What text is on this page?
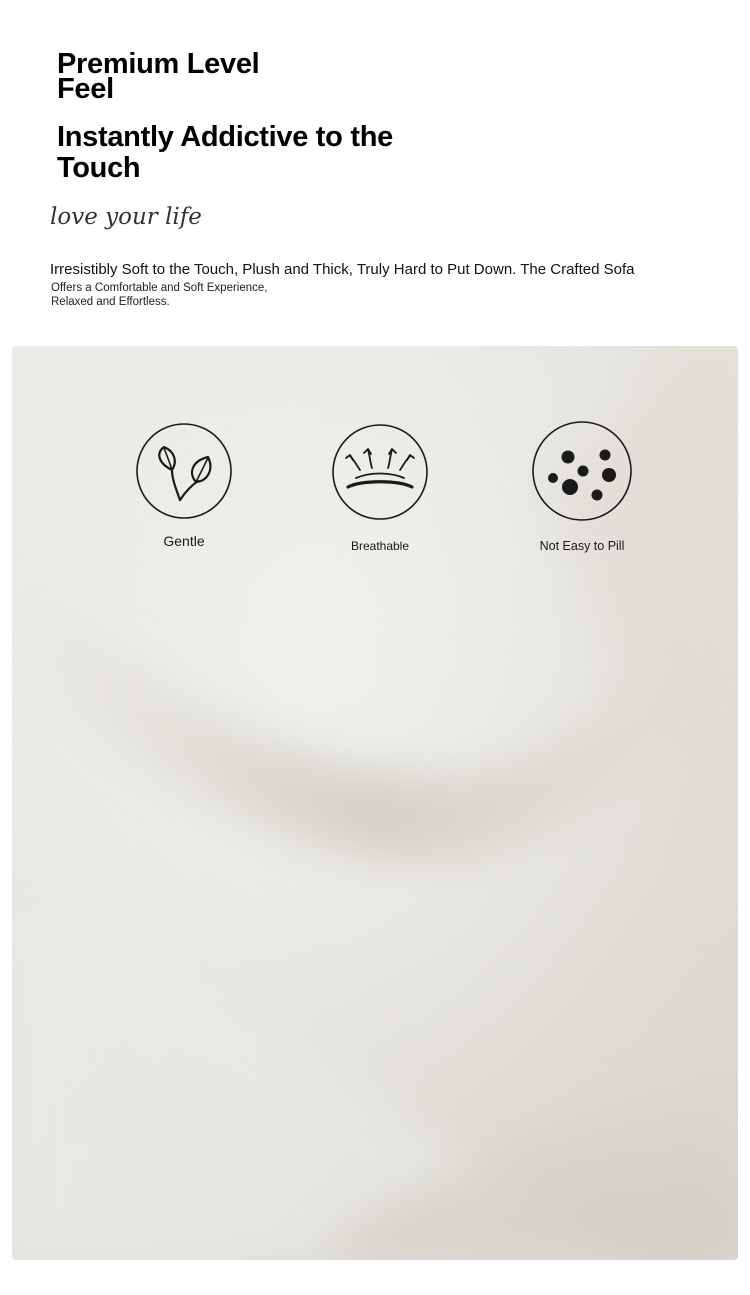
Premium Level Feel
Instantly Addictive to the Touch
love your life
Irresistibly Soft to the Touch, Plush and Thick, Truly Hard to Put Down. The Crafted Sofa
Offers a Comfortable and Soft Experience, Relaxed and Effortless.
Gentle	Breathable	Not Easy to Pill
